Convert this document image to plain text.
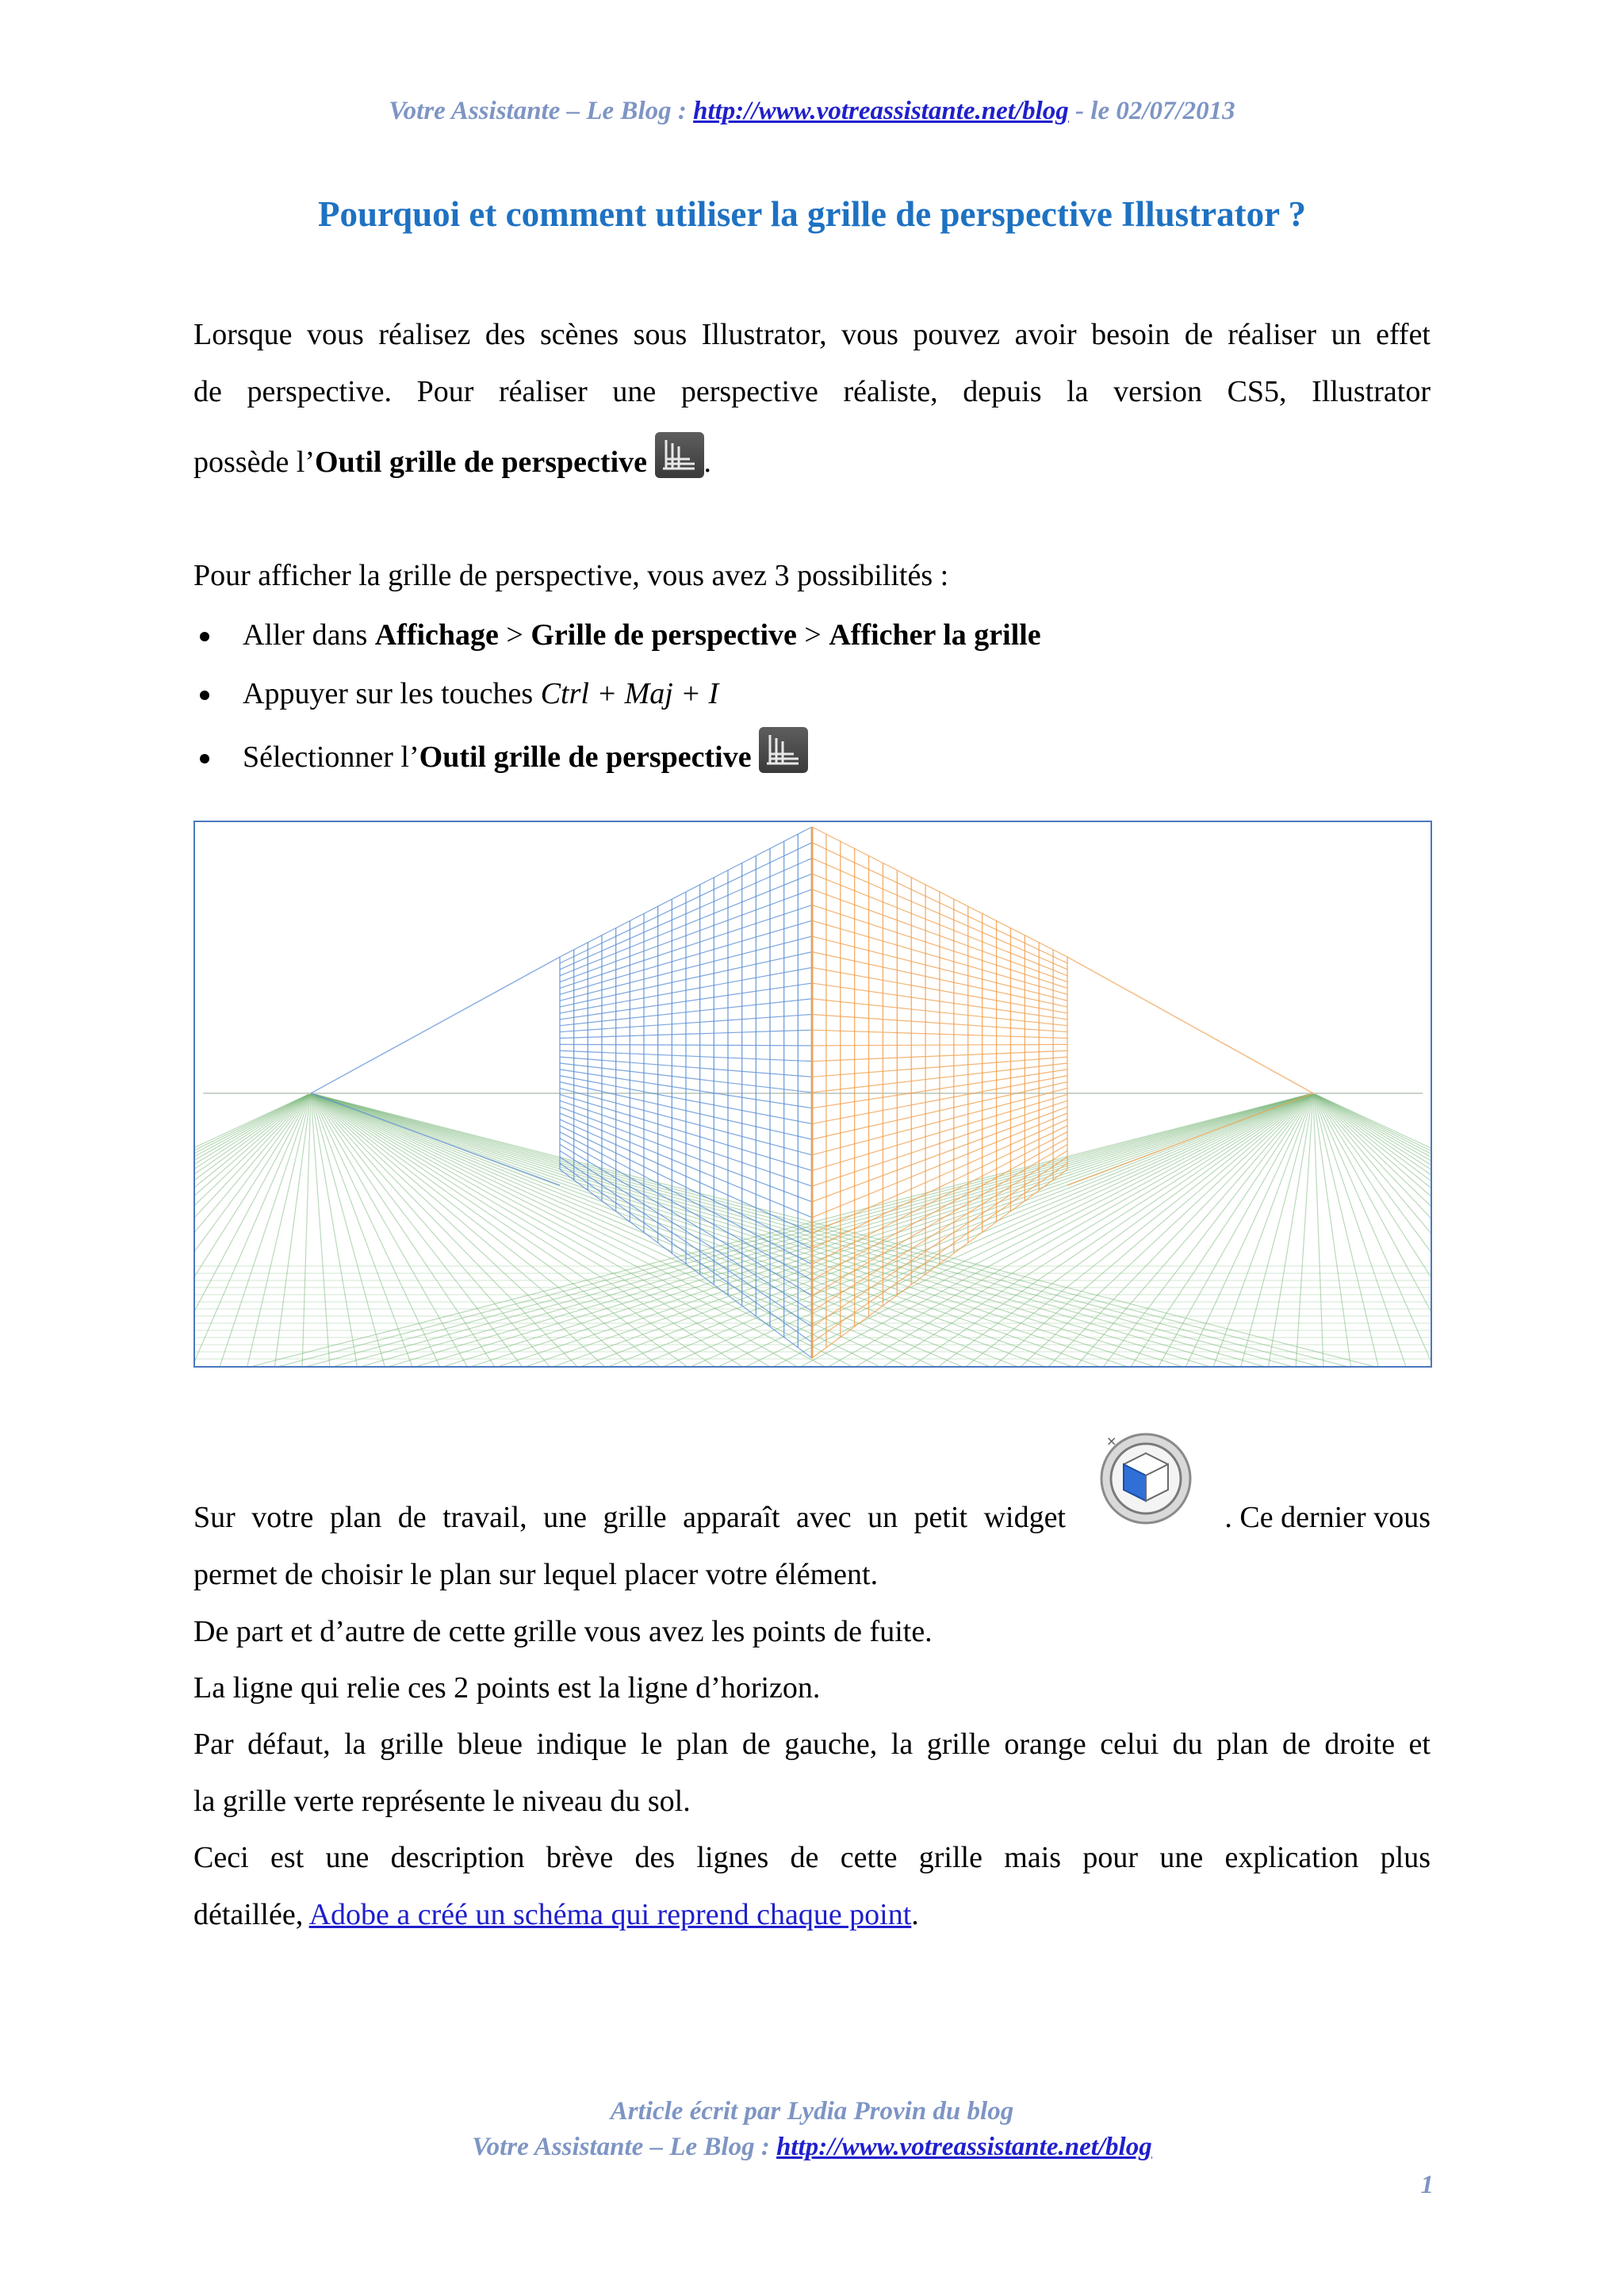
Votre Assistante – Le Blog : http://www.votreassistante.net/blog - le 02/07/2013
Pourquoi et comment utiliser la grille de perspective Illustrator ?
Lorsque vous réalisez des scènes sous Illustrator, vous pouvez avoir besoin de réaliser un effet
de perspective. Pour réaliser une perspective réaliste, depuis la version CS5, Illustrator
possède l’Outil grille de perspective .
Pour afficher la grille de perspective, vous avez 3 possibilités :
Aller dans Affichage > Grille de perspective > Afficher la grille
Appuyer sur les touches Ctrl + Maj + I
Sélectionner l’Outil grille de perspective
×
Sur votre plan de travail, une grille apparaît avec un petit widget	. Ce dernier vous
permet de choisir le plan sur lequel placer votre élément.
De part et d’autre de cette grille vous avez les points de fuite.
La ligne qui relie ces 2 points est la ligne d’horizon.
Par défaut, la grille bleue indique le plan de gauche, la grille orange celui du plan de droite et
la grille verte représente le niveau du sol.
Ceci est une description brève des lignes de cette grille mais pour une explication plus
détaillée, Adobe a créé un schéma qui reprend chaque point.
Article écrit par Lydia Provin du blog
Votre Assistante – Le Blog : http://www.votreassistante.net/blog
1
